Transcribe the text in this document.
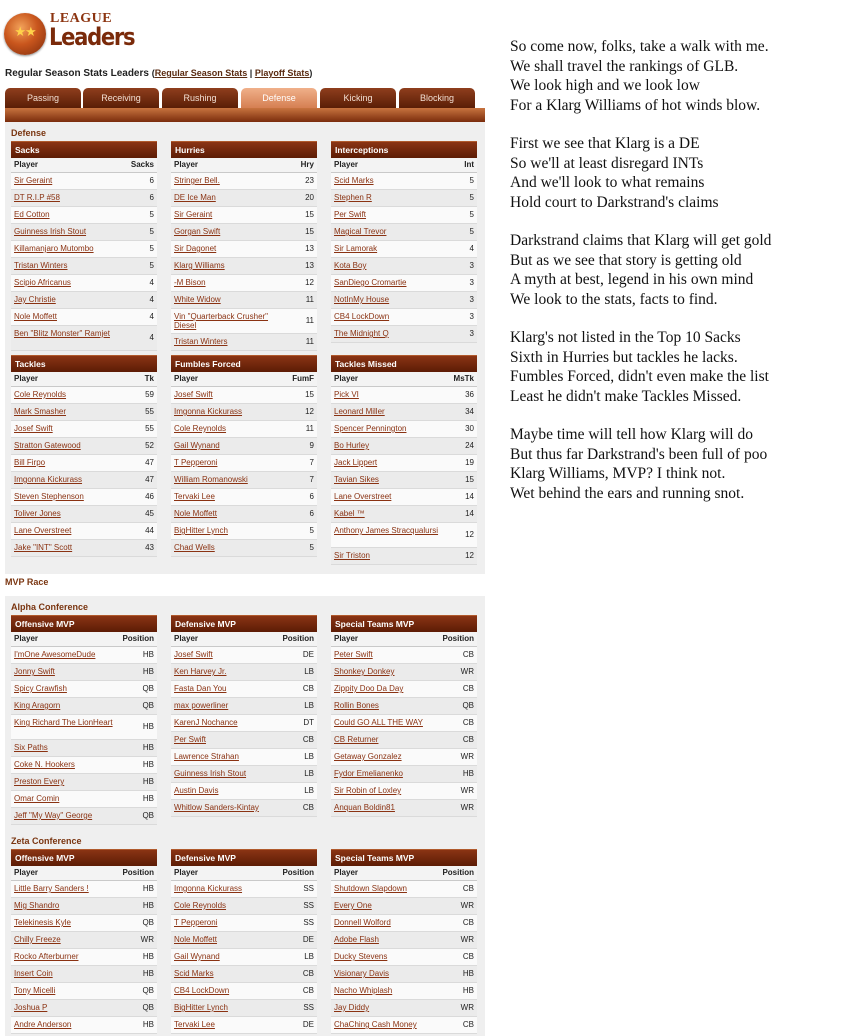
★★
LEAGUE
Leaders
Regular Season Stats Leaders (Regular Season Stats | Playoff Stats)
Passing	Receiving	Rushing	Defense	Kicking	Blocking
Defense
Sacks
Player	Sacks
Sir Geraint	6
DT R.I.P #58	6
Ed Cotton	5
Guinness Irish Stout	5
Killamanjaro Mutombo	5
Tristan Winters	5
Scipio Africanus	4
Jay Christie	4
Nole Moffett	4
Ben "Blitz Monster" Ramjet	4
Hurries
Player	Hry
Stringer Bell.	23
DE Ice Man	20
Sir Geraint	15
Gorgan Swift	15
Sir Dagonet	13
Klarg Williams	13
-M Bison	12
White Widow	11
Vin "Quarterback Crusher" Diesel
11
Tristan Winters	11
Interceptions
Player	Int
Scid Marks	5
Stephen R	5
Per Swift	5
Magical Trevor	5
Sir Lamorak	4
Kota Boy	3
SanDiego Cromartie	3
NotInMy House	3
CB4 LockDown	3
The Midnight Q	3
Tackles
Player	Tk
Cole Reynolds	59
Mark Smasher	55
Josef Swift	55
Stratton Gatewood	52
Bill Firpo	47
Imgonna Kickurass	47
Steven Stephenson	46
Toliver Jones	45
Lane Overstreet	44
Jake "INT" Scott	43
Fumbles Forced
Player	FumF
Josef Swift	15
Imgonna Kickurass	12
Cole Reynolds	11
Gail Wynand	9
T Pepperoni	7
William Romanowski	7
Tervaki Lee	6
Nole Moffett	6
BigHitter Lynch	5
Chad Wells	5
Tackles Missed
Player	MsTk
Pick VI	36
Leonard Miller	34
Spencer Pennington	30
Bo Hurley	24
Jack Lippert	19
Tavian Sikes	15
Lane Overstreet	14
Kabel ™	14
Anthony James Stracqualursi	12
Sir Triston	12
MVP Race
Alpha Conference
Offensive MVP
Player	Position
I'mOne AwesomeDude	HB
Jonny Swift	HB
Spicy Crawfish	QB
King Aragorn	QB
King Richard The LionHeart	HB
Six Paths	HB
Coke N. Hookers	HB
Preston Every	HB
Omar Comin	HB
Jeff "My Way" George	QB
Defensive MVP
Player	Position
Josef Swift	DE
Ken Harvey Jr.	LB
Fasta Dan You	CB
max powerliner	LB
KarenJ Nochance	DT
Per Swift	CB
Lawrence Strahan	LB
Guinness Irish Stout	LB
Austin Davis	LB
Whitlow Sanders-Kintay	CB
Special Teams MVP
Player	Position
Peter Swift	CB
Shonkey Donkey	WR
Zippity Doo Da Day	CB
Rollin Bones	QB
Could GO ALL THE WAY	CB
CB Returner	CB
Getaway Gonzalez	WR
Fydor Emelianenko	HB
Sir Robin of Loxley	WR
Anquan Boldin81	WR
Zeta Conference
Offensive MVP
Player	Position
Little Barry Sanders !	HB
Mig Shandro	HB
Telekinesis Kyle	QB
Chilly Freeze	WR
Rocko Afterburner	HB
Insert Coin	HB
Tony Micelli	QB
Joshua P	QB
Andre Anderson	HB
Defensive MVP
Player	Position
Imgonna Kickurass	SS
Cole Reynolds	SS
T Pepperoni	SS
Nole Moffett	DE
Gail Wynand	LB
Scid Marks	CB
CB4 LockDown	CB
BigHitter Lynch	SS
Tervaki Lee	DE
Special Teams MVP
Player	Position
Shutdown Slapdown	CB
Every One	WR
Donnell Wolford	CB
Adobe Flash	WR
Ducky Stevens	CB
Visionary Davis	HB
Nacho Whiplash	HB
Jay Diddy	WR
ChaChing Cash Money	CB
So come now, folks, take a walk with me.
We shall travel the rankings of GLB.
We look high and we look low
For a Klarg Williams of hot winds blow.
First we see that Klarg is a DE
So we'll at least disregard INTs
And we'll look to what remains
Hold court to Darkstrand's claims
Darkstrand claims that Klarg will get gold
But as we see that story is getting old
A myth at best, legend in his own mind
We look to the stats, facts to find.
Klarg's not listed in the Top 10 Sacks
Sixth in Hurries but tackles he lacks.
Fumbles Forced, didn't even make the list
Least he didn't make Tackles Missed.
Maybe time will tell how Klarg will do
But thus far Darkstrand's been full of poo
Klarg Williams, MVP? I think not.
Wet behind the ears and running snot.
